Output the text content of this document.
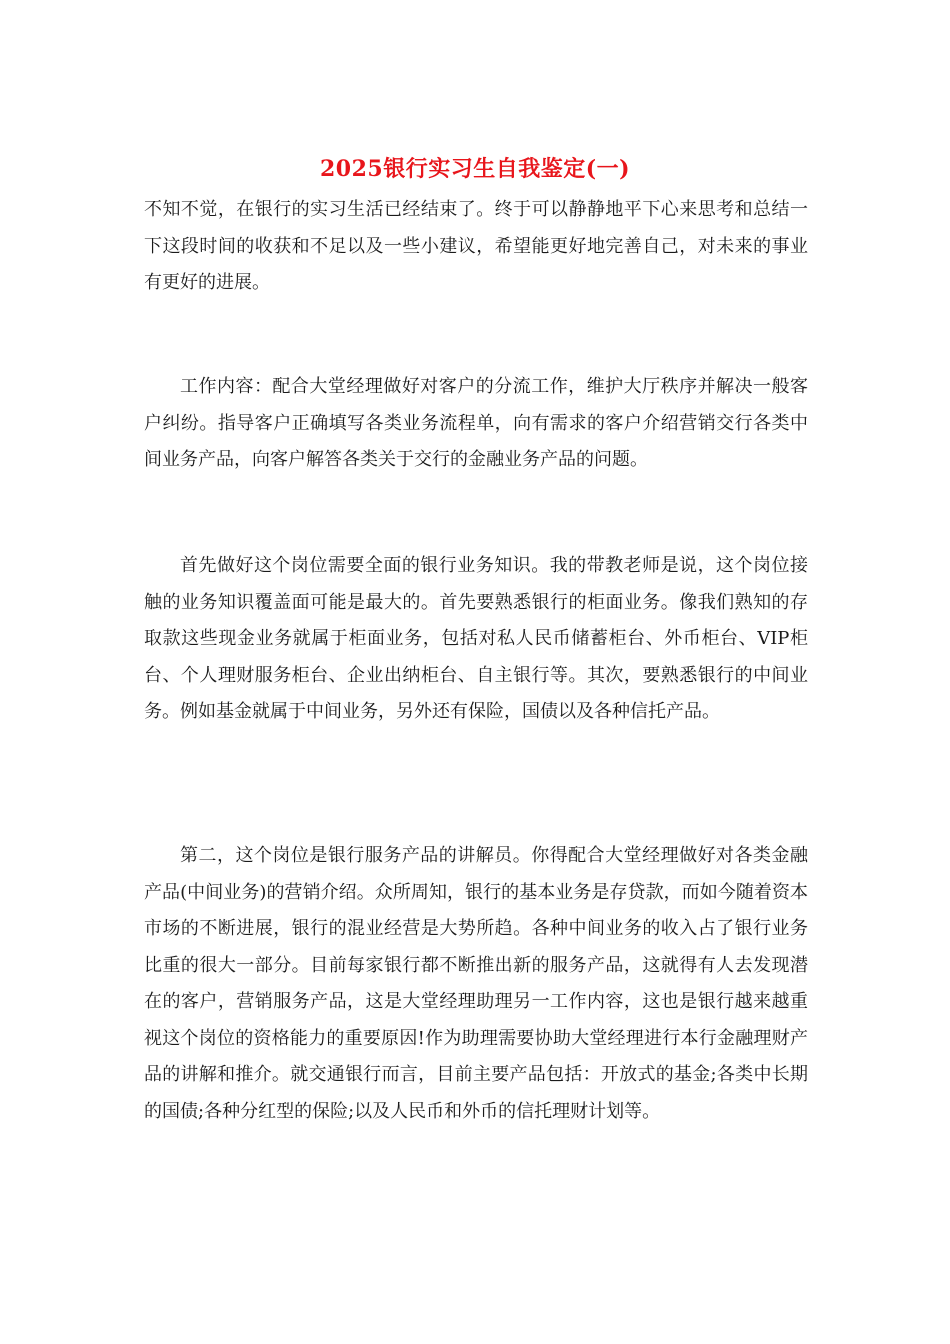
2025银行实习生自我鉴定(一)

不知不觉，在银行的实习生活已经结束了。终于可以静静地平下心来思考和总结一下这段时间的收获和不足以及一些小建议，希望能更好地完善自己，对未来的事业有更好的进展。

工作内容：配合大堂经理做好对客户的分流工作，维护大厅秩序并解决一般客户纠纷。指导客户正确填写各类业务流程单，向有需求的客户介绍营销交行各类中间业务产品，向客户解答各类关于交行的金融业务产品的问题。

首先做好这个岗位需要全面的银行业务知识。我的带教老师是说，这个岗位接触的业务知识覆盖面可能是最大的。首先要熟悉银行的柜面业务。像我们熟知的存取款这些现金业务就属于柜面业务，包括对私人民币储蓄柜台、外币柜台、VIP柜台、个人理财服务柜台、企业出纳柜台、自主银行等。其次，要熟悉银行的中间业务。例如基金就属于中间业务，另外还有保险，国债以及各种信托产品。

第二，这个岗位是银行服务产品的讲解员。你得配合大堂经理做好对各类金融产品(中间业务)的营销介绍。众所周知，银行的基本业务是存贷款，而如今随着资本市场的不断进展，银行的混业经营是大势所趋。各种中间业务的收入占了银行业务比重的很大一部分。目前每家银行都不断推出新的服务产品，这就得有人去发现潜在的客户，营销服务产品，这是大堂经理助理另一工作内容，这也是银行越来越重视这个岗位的资格能力的重要原因!作为助理需要协助大堂经理进行本行金融理财产品的讲解和推介。就交通银行而言，目前主要产品包括：开放式的基金;各类中长期的国债;各种分红型的保险;以及人民币和外币的信托理财计划等。
